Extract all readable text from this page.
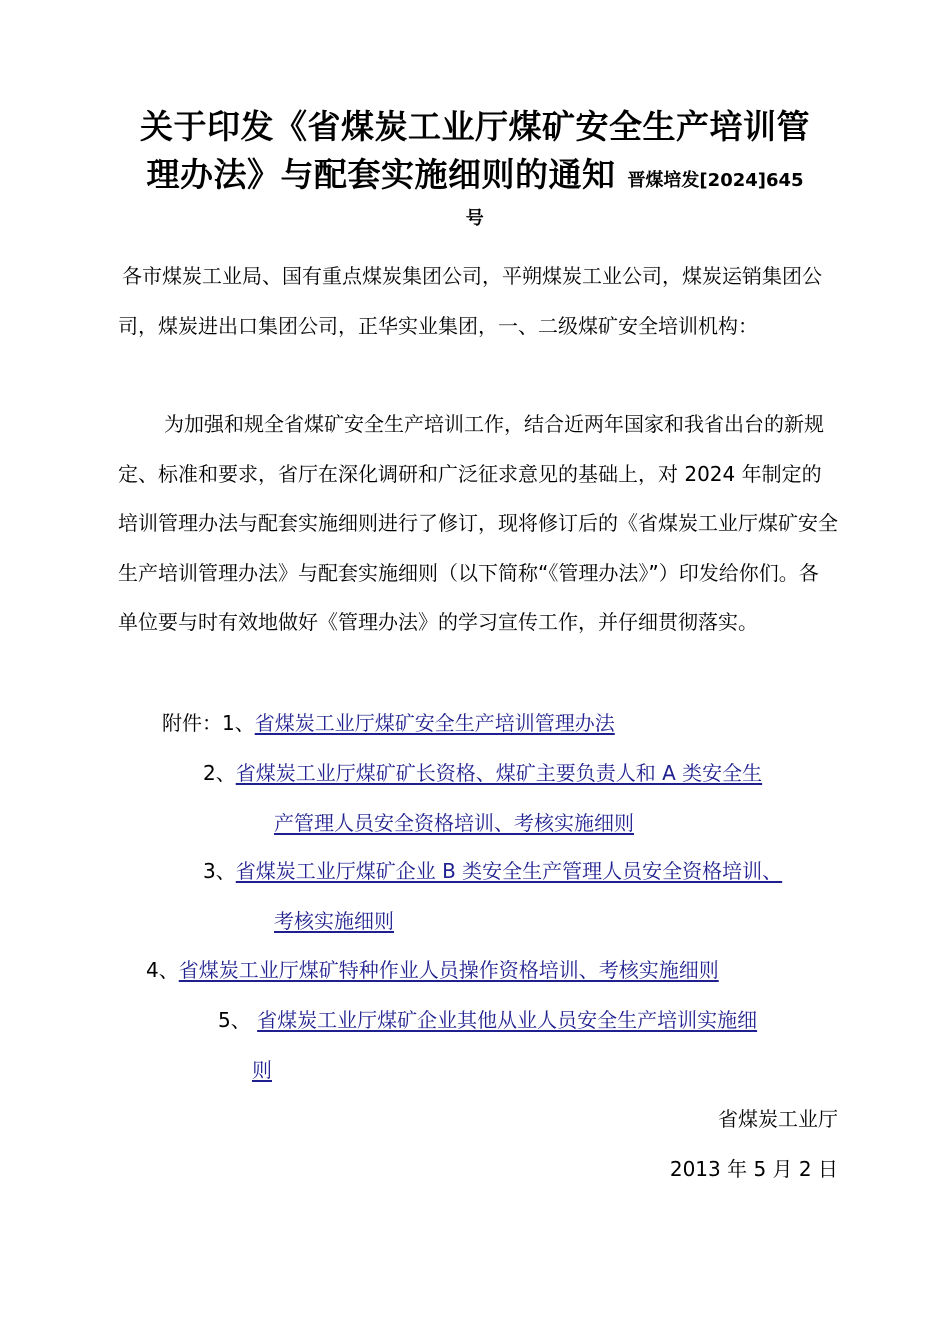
关于印发《省煤炭工业厅煤矿安全生产培训管
理办法》与配套实施细则的通知 晋煤培发[2024]645
号

各市煤炭工业局、国有重点煤炭集团公司，平朔煤炭工业公司，煤炭运销集团公司，煤炭进出口集团公司，正华实业集团，一、二级煤矿安全培训机构：

为加强和规全省煤矿安全生产培训工作，结合近两年国家和我省出台的新规定、标准和要求，省厅在深化调研和广泛征求意见的基础上，对 2024 年制定的培训管理办法与配套实施细则进行了修订，现将修订后的《省煤炭工业厅煤矿安全生产培训管理办法》与配套实施细则（以下简称“《管理办法》”）印发给你们。各单位要与时有效地做好《管理办法》的学习宣传工作，并仔细贯彻落实。

附件：1、省煤炭工业厅煤矿安全生产培训管理办法

2、省煤炭工业厅煤矿矿长资格、煤矿主要负责人和 A 类安全生
产管理人员安全资格培训、考核实施细则

3、省煤炭工业厅煤矿企业 B 类安全生产管理人员安全资格培训、
考核实施细则

4、省煤炭工业厅煤矿特种作业人员操作资格培训、考核实施细则

5、 省煤炭工业厅煤矿企业其他从业人员安全生产培训实施细
则

省煤炭工业厅

2013 年 5 月 2 日
